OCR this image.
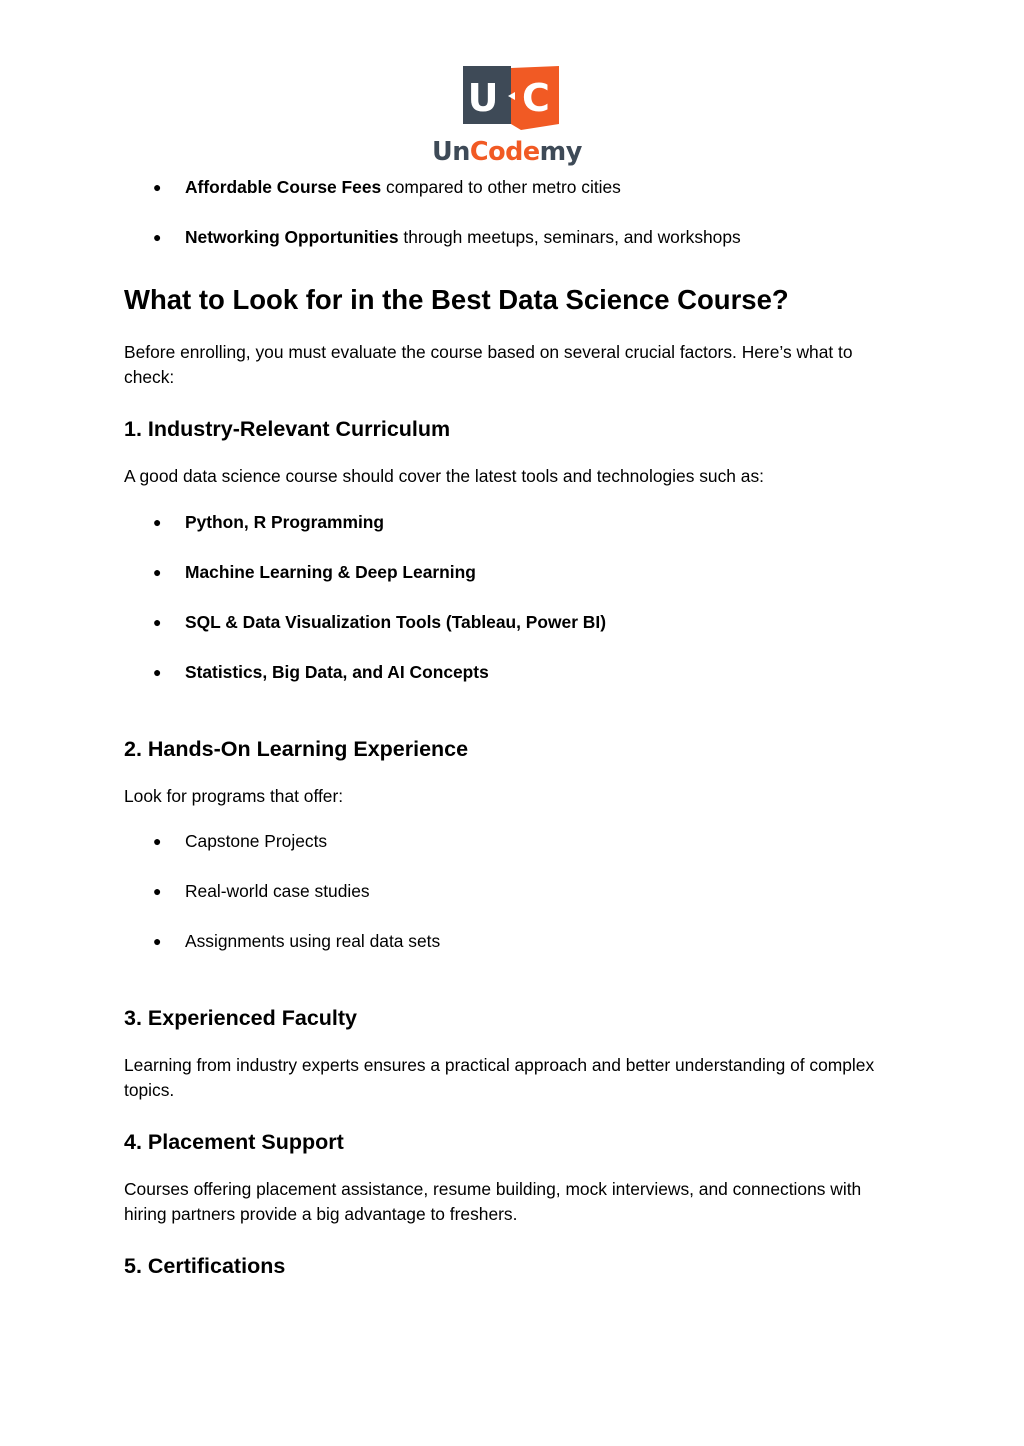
U C
UnCodemy
● Affordable Course Fees compared to other metro cities
● Networking Opportunities through meetups, seminars, and workshops
What to Look for in the Best Data Science Course?
Before enrolling, you must evaluate the course based on several crucial factors. Here’s what to check:
1. Industry-Relevant Curriculum
A good data science course should cover the latest tools and technologies such as:
● Python, R Programming
● Machine Learning & Deep Learning
● SQL & Data Visualization Tools (Tableau, Power BI)
● Statistics, Big Data, and AI Concepts
2. Hands-On Learning Experience
Look for programs that offer:
● Capstone Projects
● Real-world case studies
● Assignments using real data sets
3. Experienced Faculty
Learning from industry experts ensures a practical approach and better understanding of complex topics.
4. Placement Support
Courses offering placement assistance, resume building, mock interviews, and connections with hiring partners provide a big advantage to freshers.
5. Certifications
